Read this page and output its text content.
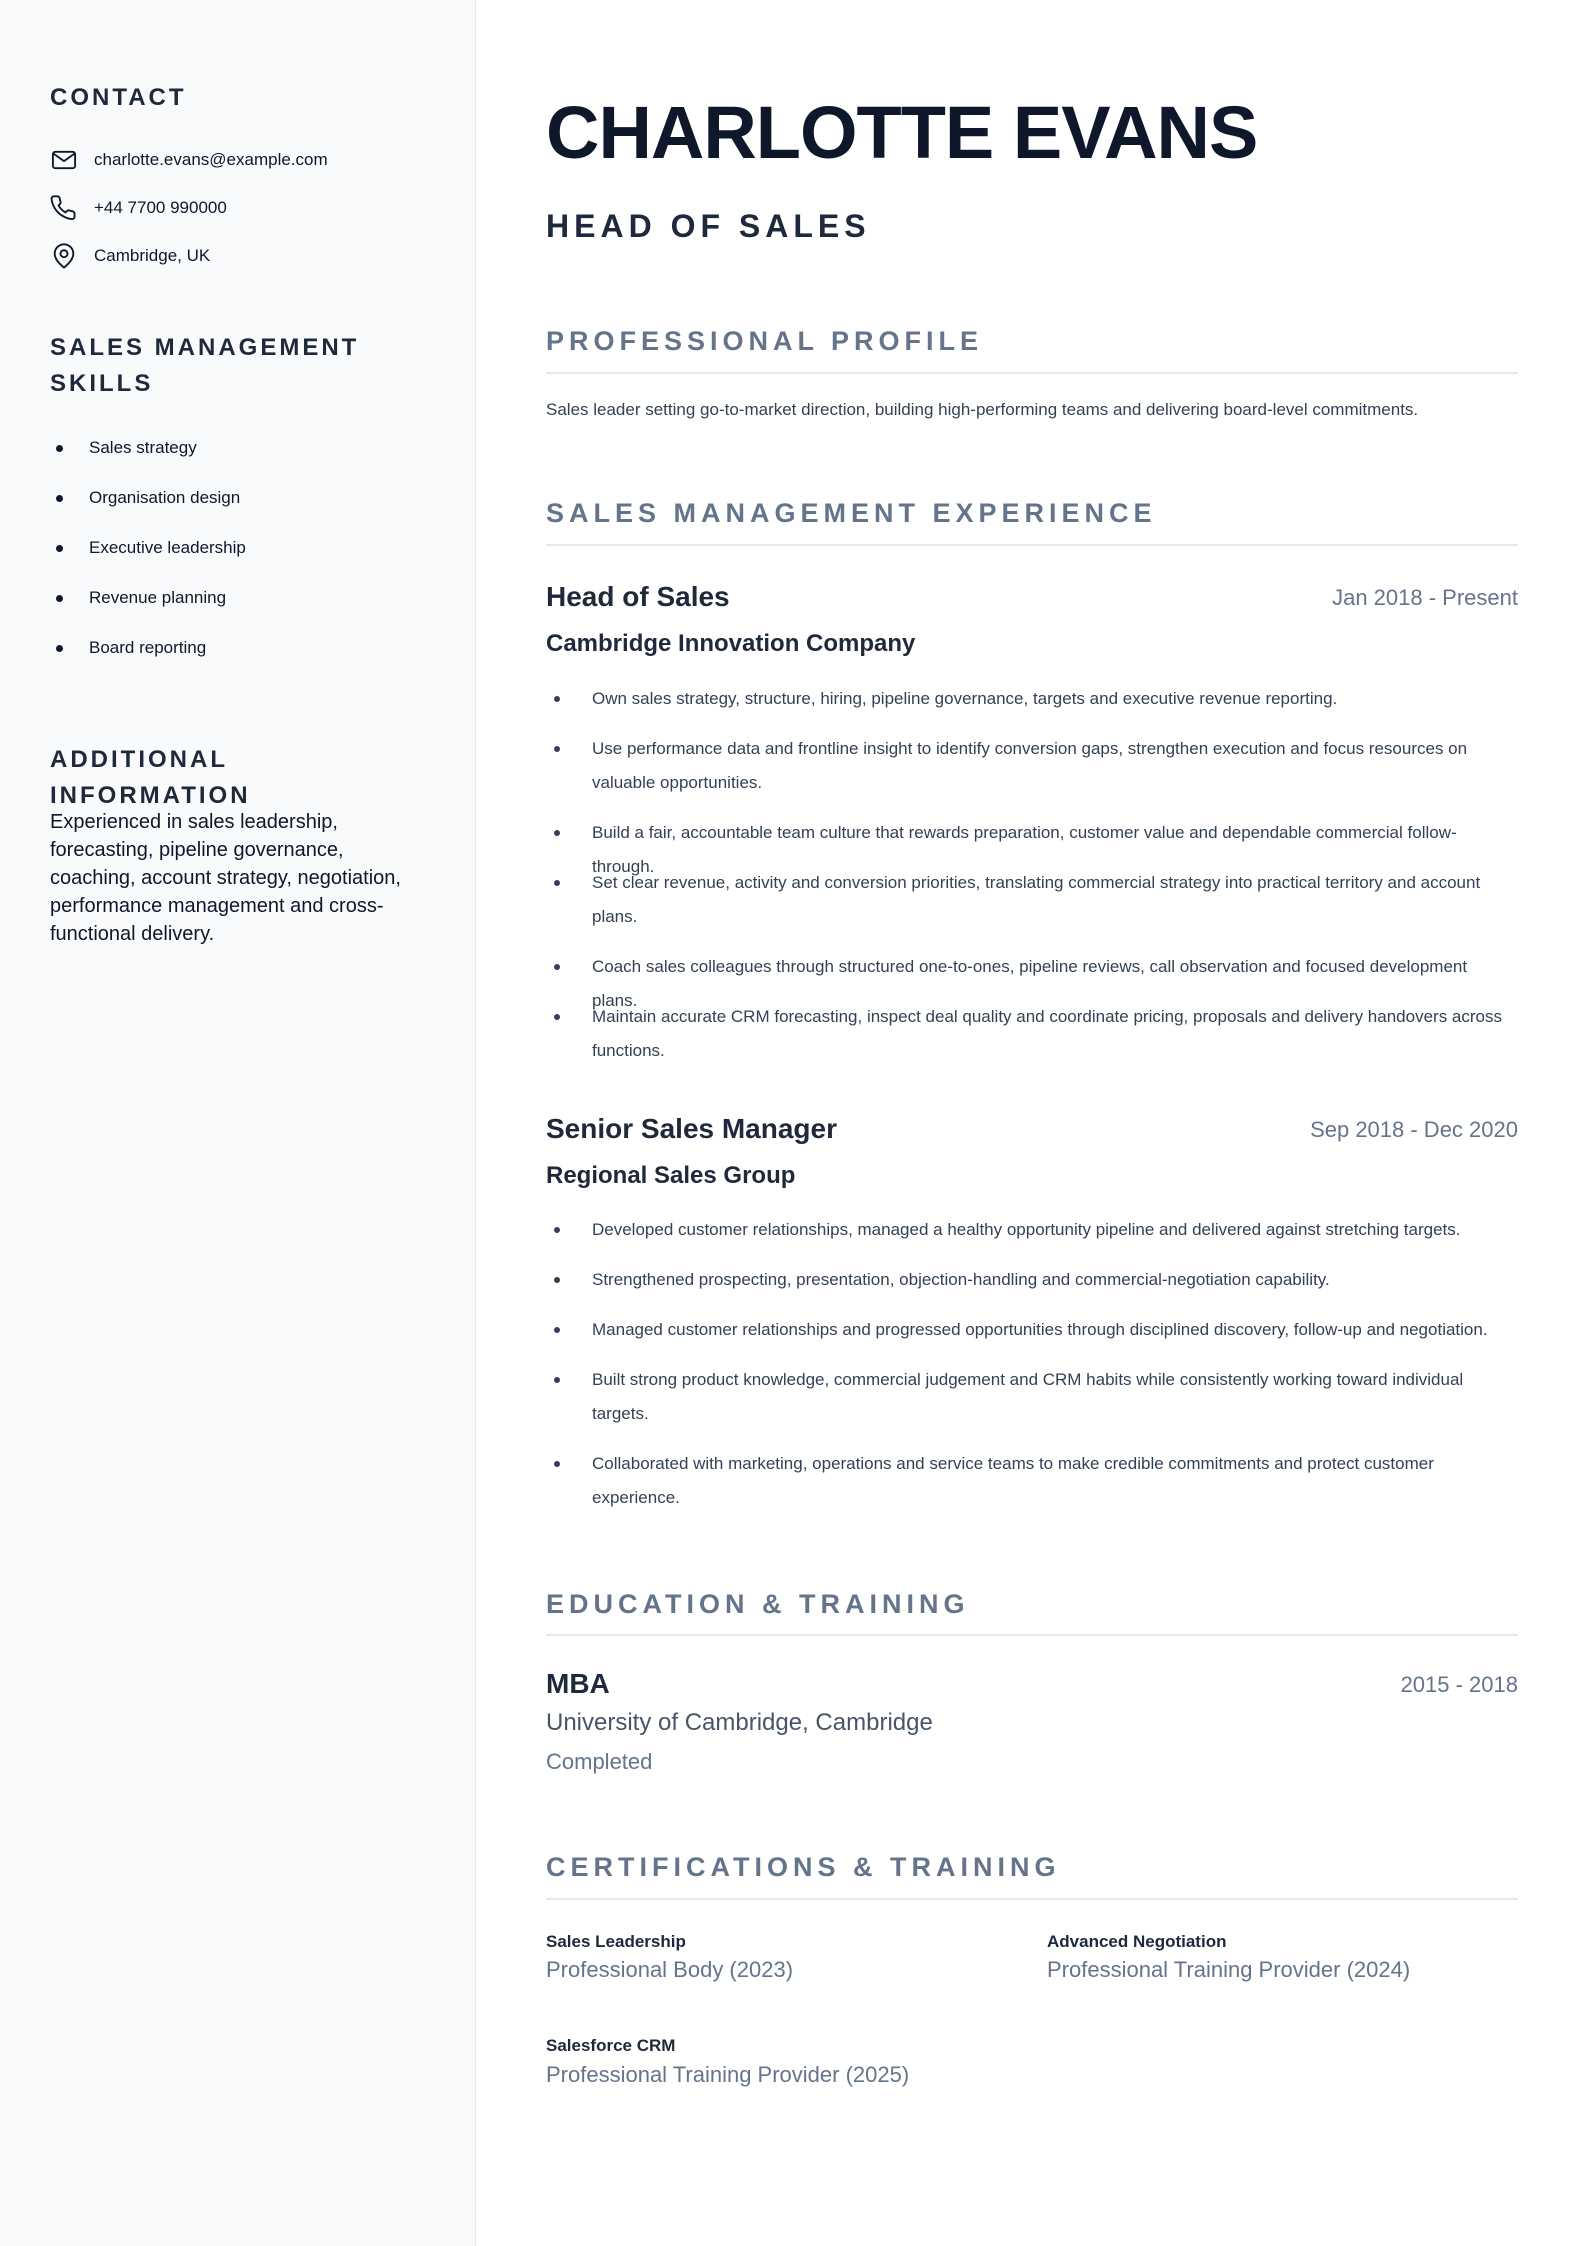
CONTACT
charlotte.evans@example.com
+44 7700 990000
Cambridge, UK
SALES MANAGEMENT SKILLS
Sales strategy
Organisation design
Executive leadership
Revenue planning
Board reporting
ADDITIONAL INFORMATION

Experienced in sales leadership, forecasting, pipeline governance, coaching, account strategy, negotiation, performance management and cross-functional delivery.

CHARLOTTE EVANS
HEAD OF SALES
PROFESSIONAL PROFILE

Sales leader setting go-to-market direction, building high-performing teams and delivering board-level commitments.

SALES MANAGEMENT EXPERIENCE
Head of Sales	Jan 2018 - Present
Cambridge Innovation Company
Own sales strategy, structure, hiring, pipeline governance, targets and executive revenue reporting.
Use performance data and frontline insight to identify conversion gaps, strengthen execution and focus resources on valuable opportunities.
Build a fair, accountable team culture that rewards preparation, customer value and dependable commercial follow-through.
Set clear revenue, activity and conversion priorities, translating commercial strategy into practical territory and account plans.
Coach sales colleagues through structured one-to-ones, pipeline reviews, call observation and focused development plans.
Maintain accurate CRM forecasting, inspect deal quality and coordinate pricing, proposals and delivery handovers across functions.
Senior Sales Manager	Sep 2018 - Dec 2020
Regional Sales Group
Developed customer relationships, managed a healthy opportunity pipeline and delivered against stretching targets.
Strengthened prospecting, presentation, objection-handling and commercial-negotiation capability.
Managed customer relationships and progressed opportunities through disciplined discovery, follow-up and negotiation.
Built strong product knowledge, commercial judgement and CRM habits while consistently working toward individual targets.
Collaborated with marketing, operations and service teams to make credible commitments and protect customer experience.
EDUCATION & TRAINING
MBA	2015 - 2018
University of Cambridge, Cambridge
Completed
CERTIFICATIONS & TRAINING
Sales Leadership
Professional Body (2023)
Advanced Negotiation
Professional Training Provider (2024)
Salesforce CRM
Professional Training Provider (2025)
